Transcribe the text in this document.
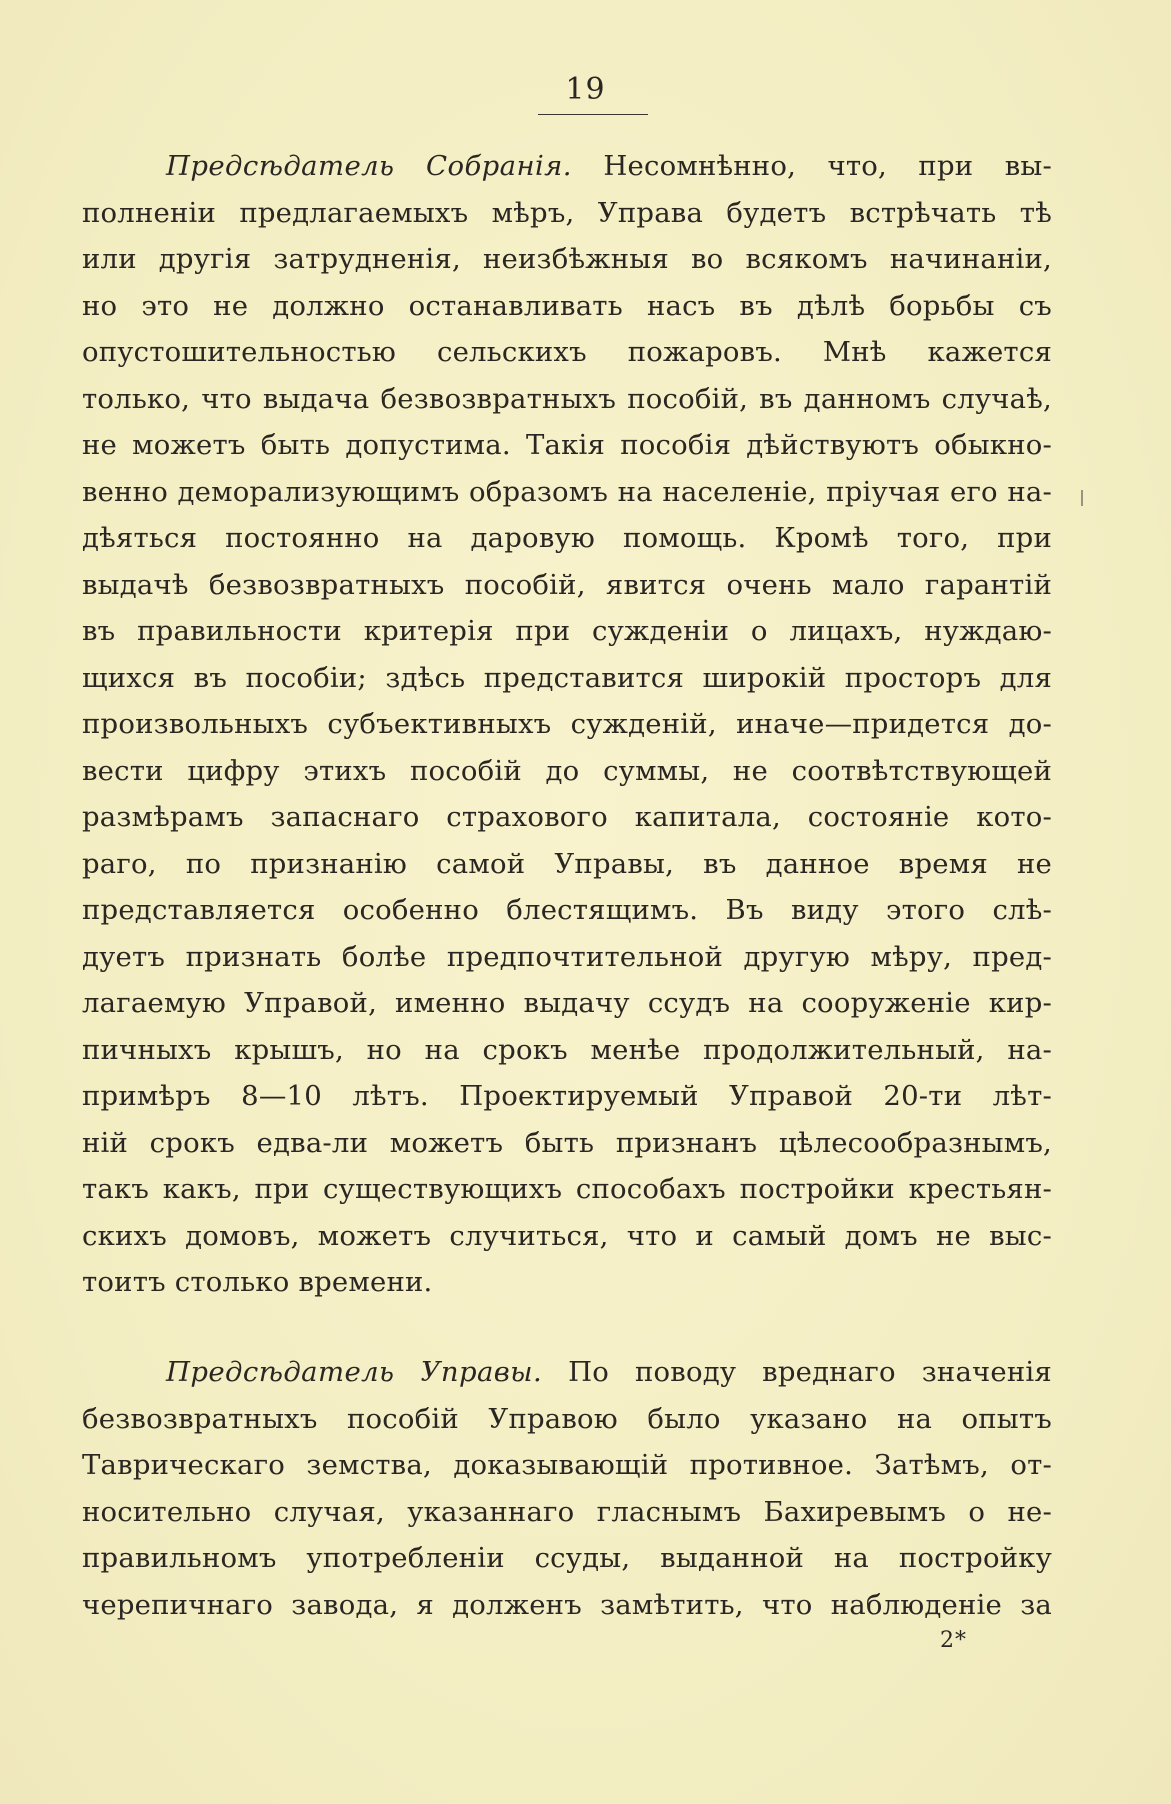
19
Предсѣдатель Собранія. Несомнѣнно, что, при вы-
полненіи предлагаемыхъ мѣръ, Управа будетъ встрѣчать тѣ
или другія затрудненія, неизбѣжныя во всякомъ начинаніи,
но это не должно останавливать насъ въ дѣлѣ борьбы съ
опустошительностью сельскихъ пожаровъ. Мнѣ кажется
только, что выдача безвозвратныхъ пособій, въ данномъ случаѣ,
не можетъ быть допустима. Такія пособія дѣйствуютъ обыкно-
венно деморализующимъ образомъ на населеніе, пріучая его на-
дѣяться постоянно на даровую помощь. Кромѣ того, при
выдачѣ безвозвратныхъ пособій, явится очень мало гарантій
въ правильности критерія при сужденіи о лицахъ, нуждаю-
щихся въ пособіи; здѣсь представится широкій просторъ для
произвольныхъ субъективныхъ сужденій, иначе—придется до-
вести цифру этихъ пособій до суммы, не соотвѣтствующей
размѣрамъ запаснаго страхового капитала, состояніе кото-
раго, по признанію самой Управы, въ данное время не
представляется особенно блестящимъ. Въ виду этого слѣ-
дуетъ признать болѣе предпочтительной другую мѣру, пред-
лагаемую Управой, именно выдачу ссудъ на сооруженіе кир-
пичныхъ крышъ, но на срокъ менѣе продолжительный, на-
примѣръ 8—10 лѣтъ. Проектируемый Управой 20-ти лѣт-
ній срокъ едва-ли можетъ быть признанъ цѣлесообразнымъ,
такъ какъ, при существующихъ способахъ постройки крестьян-
скихъ домовъ, можетъ случиться, что и самый домъ не выс-
тоитъ столько времени.
Предсѣдатель Управы. По поводу вреднаго значенія
безвозвратныхъ пособій Управою было указано на опытъ
Таврическаго земства, доказывающій противное. Затѣмъ, от-
носительно случая, указаннаго гласнымъ Бахиревымъ о не-
правильномъ употребленіи ссуды, выданной на постройку
черепичнаго завода, я долженъ замѣтить, что наблюденіе за
2*
